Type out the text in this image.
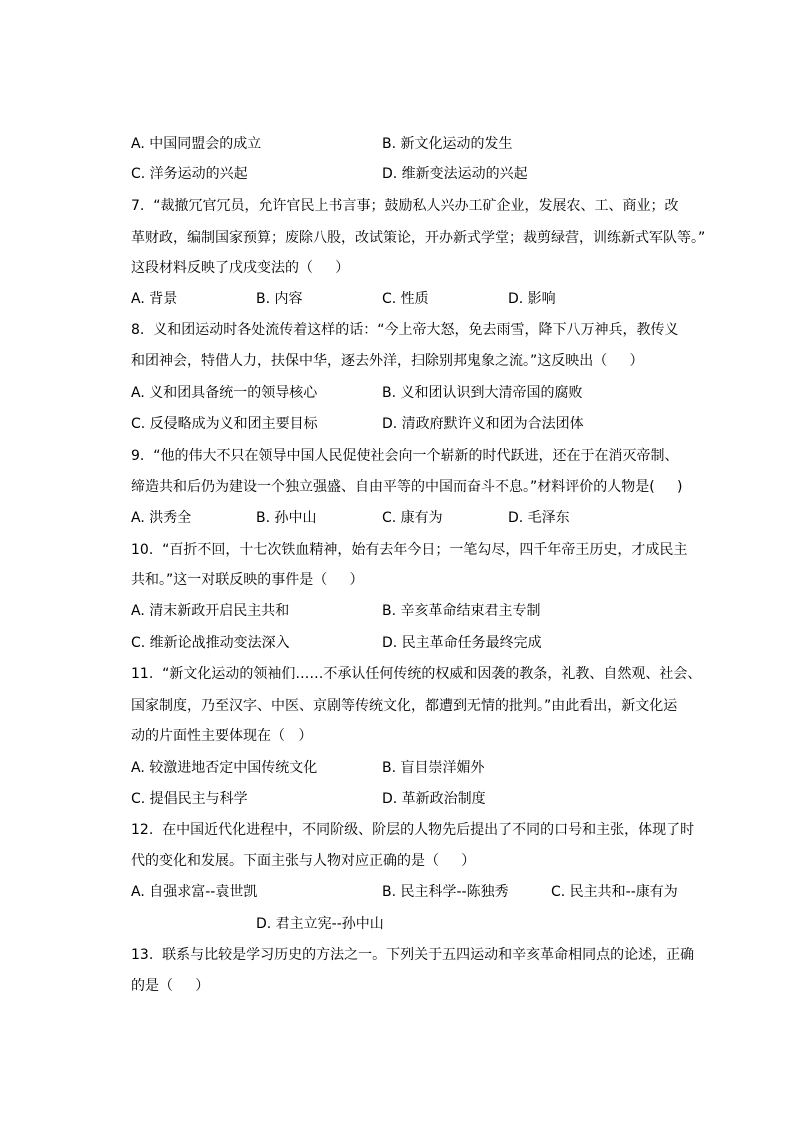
A. 中国同盟会的成立	B. 新文化运动的发生
C. 洋务运动的兴起	D. 维新变法运动的兴起
7.  “裁撤冗官冗员，允许官民上书言事；鼓励私人兴办工矿企业，发展农、工、商业；改
革财政，编制国家预算；废除八股，改试策论，开办新式学堂；裁剪绿营，训练新式军队等。”
这段材料反映了戊戌变法的（     ）
A. 背景	B. 内容	C. 性质	D. 影响
8.  义和团运动时各处流传着这样的话：“今上帝大怒，免去雨雪，降下八万神兵，教传义
和团神会，特借人力，扶保中华，逐去外洋，扫除别邦鬼象之流。”这反映出（     ）
A. 义和团具备统一的领导核心	B. 义和团认识到大清帝国的腐败
C. 反侵略成为义和团主要目标	D. 清政府默许义和团为合法团体
9.  “他的伟大不只在领导中国人民促使社会向一个崭新的时代跃进，还在于在消灭帝制、
缔造共和后仍为建设一个独立强盛、自由平等的中国而奋斗不息。”材料评价的人物是(     )
A. 洪秀全	B. 孙中山	C. 康有为	D. 毛泽东
10.  “百折不回，十七次铁血精神，始有去年今日；一笔勾尽，四千年帝王历史，才成民主
共和。”这一对联反映的事件是（     ）
A. 清末新政开启民主共和	B. 辛亥革命结束君主专制
C. 维新论战推动变法深入	D. 民主革命任务最终完成
11.  “新文化运动的领袖们……不承认任何传统的权威和因袭的教条，礼教、自然观、社会、
国家制度，乃至汉字、中医、京剧等传统文化，都遭到无情的批判。”由此看出，新文化运
动的片面性主要体现在（   ）
A. 较激进地否定中国传统文化	B. 盲目崇洋媚外
C. 提倡民主与科学	D. 革新政治制度
12.  在中国近代化进程中，不同阶级、阶层的人物先后提出了不同的口号和主张，体现了时
代的变化和发展。下面主张与人物对应正确的是（     ）
A. 自强求富--袁世凯	B. 民主科学--陈独秀	C. 民主共和--康有为
D. 君主立宪--孙中山
13.  联系与比较是学习历史的方法之一。下列关于五四运动和辛亥革命相同点的论述，正确
的是（     ）
